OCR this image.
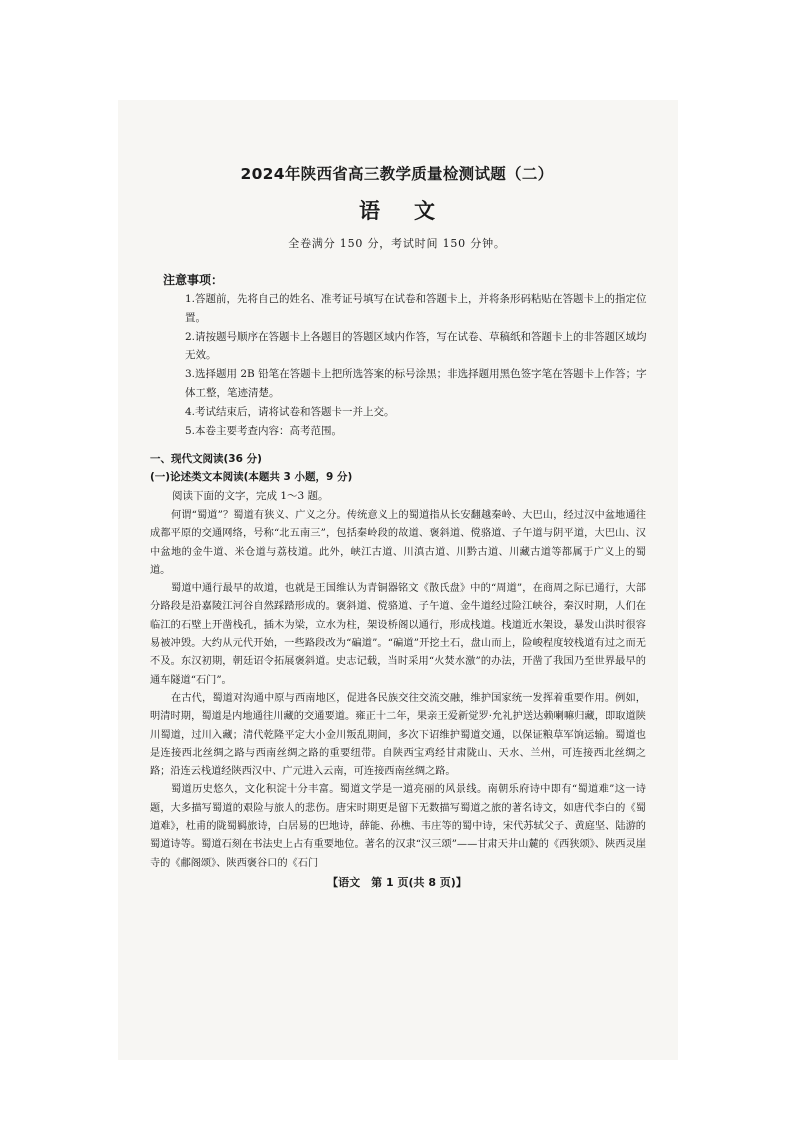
2024年陕西省高三教学质量检测试题（二）
语文
全卷满分 150 分，考试时间 150 分钟。
注意事项：
1.答题前，先将自己的姓名、准考证号填写在试卷和答题卡上，并将条形码粘贴在答题卡上的指定位置。
2.请按题号顺序在答题卡上各题目的答题区域内作答，写在试卷、草稿纸和答题卡上的非答题区域均无效。
3.选择题用 2B 铅笔在答题卡上把所选答案的标号涂黑；非选择题用黑色签字笔在答题卡上作答；字体工整，笔迹清楚。
4.考试结束后，请将试卷和答题卡一并上交。
5.本卷主要考查内容：高考范围。
一、现代文阅读(36 分)
(一)论述类文本阅读(本题共 3 小题，9 分)
阅读下面的文字，完成 1～3 题。

何谓“蜀道”？蜀道有狭义、广义之分。传统意义上的蜀道指从长安翻越秦岭、大巴山，经过汉中盆地通往成都平原的交通网络，号称“北五南三”，包括秦岭段的故道、褒斜道、傥骆道、子午道与阴平道，大巴山、汉中盆地的金牛道、米仓道与荔枝道。此外，峡江古道、川滇古道、川黔古道、川藏古道等都属于广义上的蜀道。

蜀道中通行最早的故道，也就是王国维认为青铜器铭文《散氏盘》中的“周道”，在商周之际已通行，大部分路段是沿嘉陵江河谷自然踩踏形成的。褒斜道、傥骆道、子午道、金牛道经过险江峡谷，秦汉时期，人们在临江的石壁上开凿栈孔，插木为梁，立水为柱，架设桥阁以通行，形成栈道。栈道近水架设，暴发山洪时很容易被冲毁。大约从元代开始，一些路段改为“碥道”。“碥道”开挖土石，盘山而上，险峻程度较栈道有过之而无不及。东汉初期，朝廷诏令拓展褒斜道。史志记载，当时采用“火焚水激”的办法，开凿了我国乃至世界最早的通车隧道“石门”。

在古代，蜀道对沟通中原与西南地区，促进各民族交往交流交融，维护国家统一发挥着重要作用。例如，明清时期，蜀道是内地通往川藏的交通要道。雍正十二年，果亲王爱新觉罗·允礼护送达赖喇嘛归藏，即取道陕川蜀道，过川入藏；清代乾隆平定大小金川叛乱期间，多次下诏维护蜀道交通，以保证粮草军饷运输。蜀道也是连接西北丝绸之路与西南丝绸之路的重要纽带。自陕西宝鸡经甘肃陇山、天水、兰州，可连接西北丝绸之路；沿连云栈道经陕西汉中、广元进入云南，可连接西南丝绸之路。

蜀道历史悠久，文化积淀十分丰富。蜀道文学是一道亮丽的风景线。南朝乐府诗中即有“蜀道难”这一诗题，大多描写蜀道的艰险与旅人的悲伤。唐宋时期更是留下无数描写蜀道之旅的著名诗文，如唐代李白的《蜀道难》，杜甫的陇蜀羁旅诗，白居易的巴地诗，薛能、孙樵、韦庄等的蜀中诗，宋代苏轼父子、黄庭坚、陆游的蜀道诗等。蜀道石刻在书法史上占有重要地位。著名的汉隶“汉三颂”——甘肃天井山麓的《西狭颂》、陕西灵崖寺的《郙阁颂》、陕西褒谷口的《石门

【语文　第 1 页(共 8 页)】
